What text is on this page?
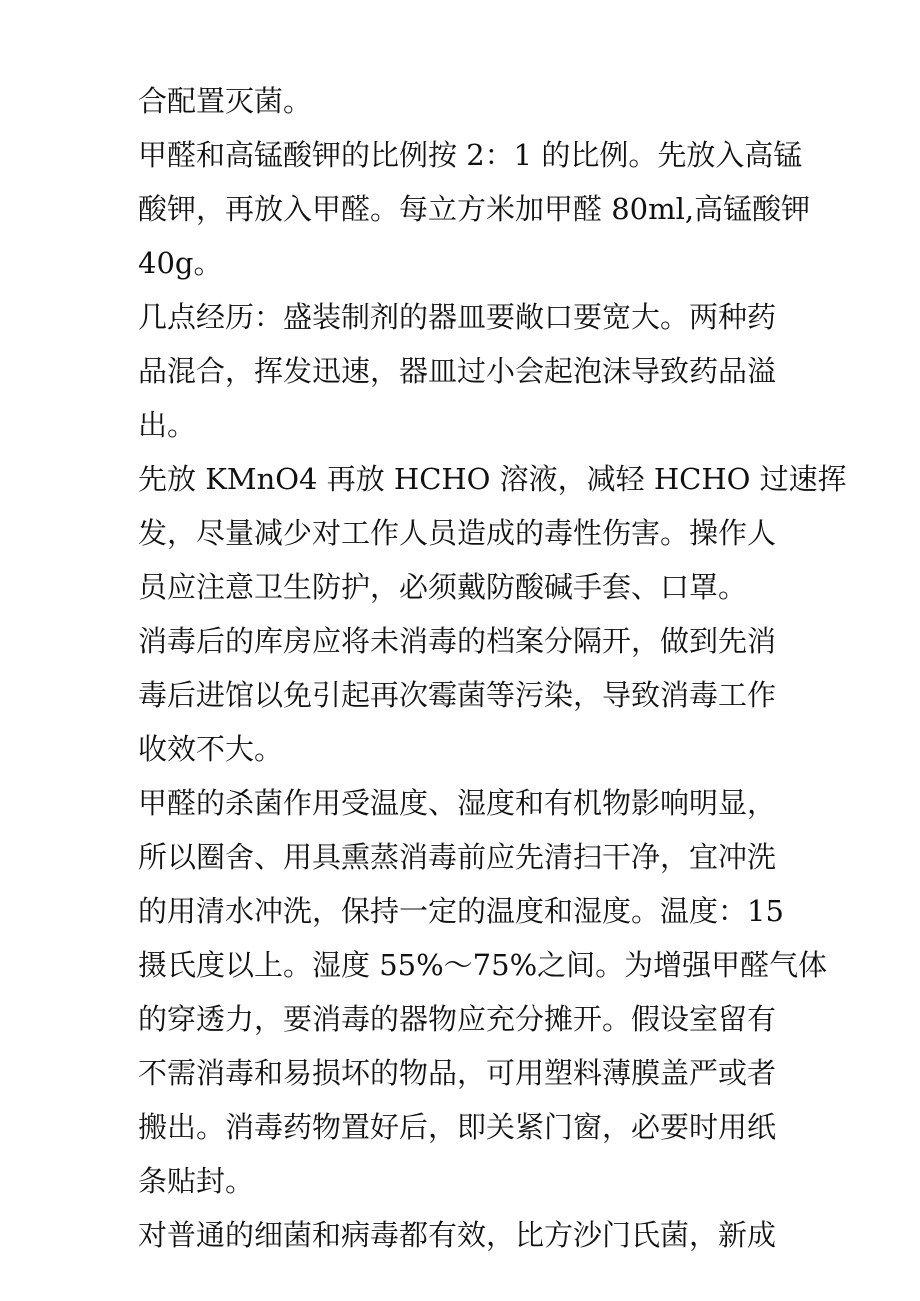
合配置灭菌。

甲醛和高锰酸钾的比例按 2：1 的比例。先放入高锰
酸钾，再放入甲醛。每立方米加甲醛 80ml,高锰酸钾
40g。

几点经历：盛装制剂的器皿要敞口要宽大。两种药
品混合，挥发迅速，器皿过小会起泡沫导致药品溢
出。

先放 KMnO4 再放 HCHO 溶液，减轻 HCHO 过速挥
发，尽量减少对工作人员造成的毒性伤害。操作人
员应注意卫生防护，必须戴防酸碱手套、口罩。

消毒后的库房应将未消毒的档案分隔开，做到先消
毒后进馆以免引起再次霉菌等污染，导致消毒工作
收效不大。

甲醛的杀菌作用受温度、湿度和有机物影响明显，
所以圈舍、用具熏蒸消毒前应先清扫干净，宜冲洗
的用清水冲洗，保持一定的温度和湿度。温度：15
摄氏度以上。湿度 55%～75%之间。为增强甲醛气体
的穿透力，要消毒的器物应充分摊开。假设室留有
不需消毒和易损坏的物品，可用塑料薄膜盖严或者
搬出。消毒药物置好后，即关紧门窗，必要时用纸
条贴封。

对普通的细菌和病毒都有效，比方沙门氏菌，新成
